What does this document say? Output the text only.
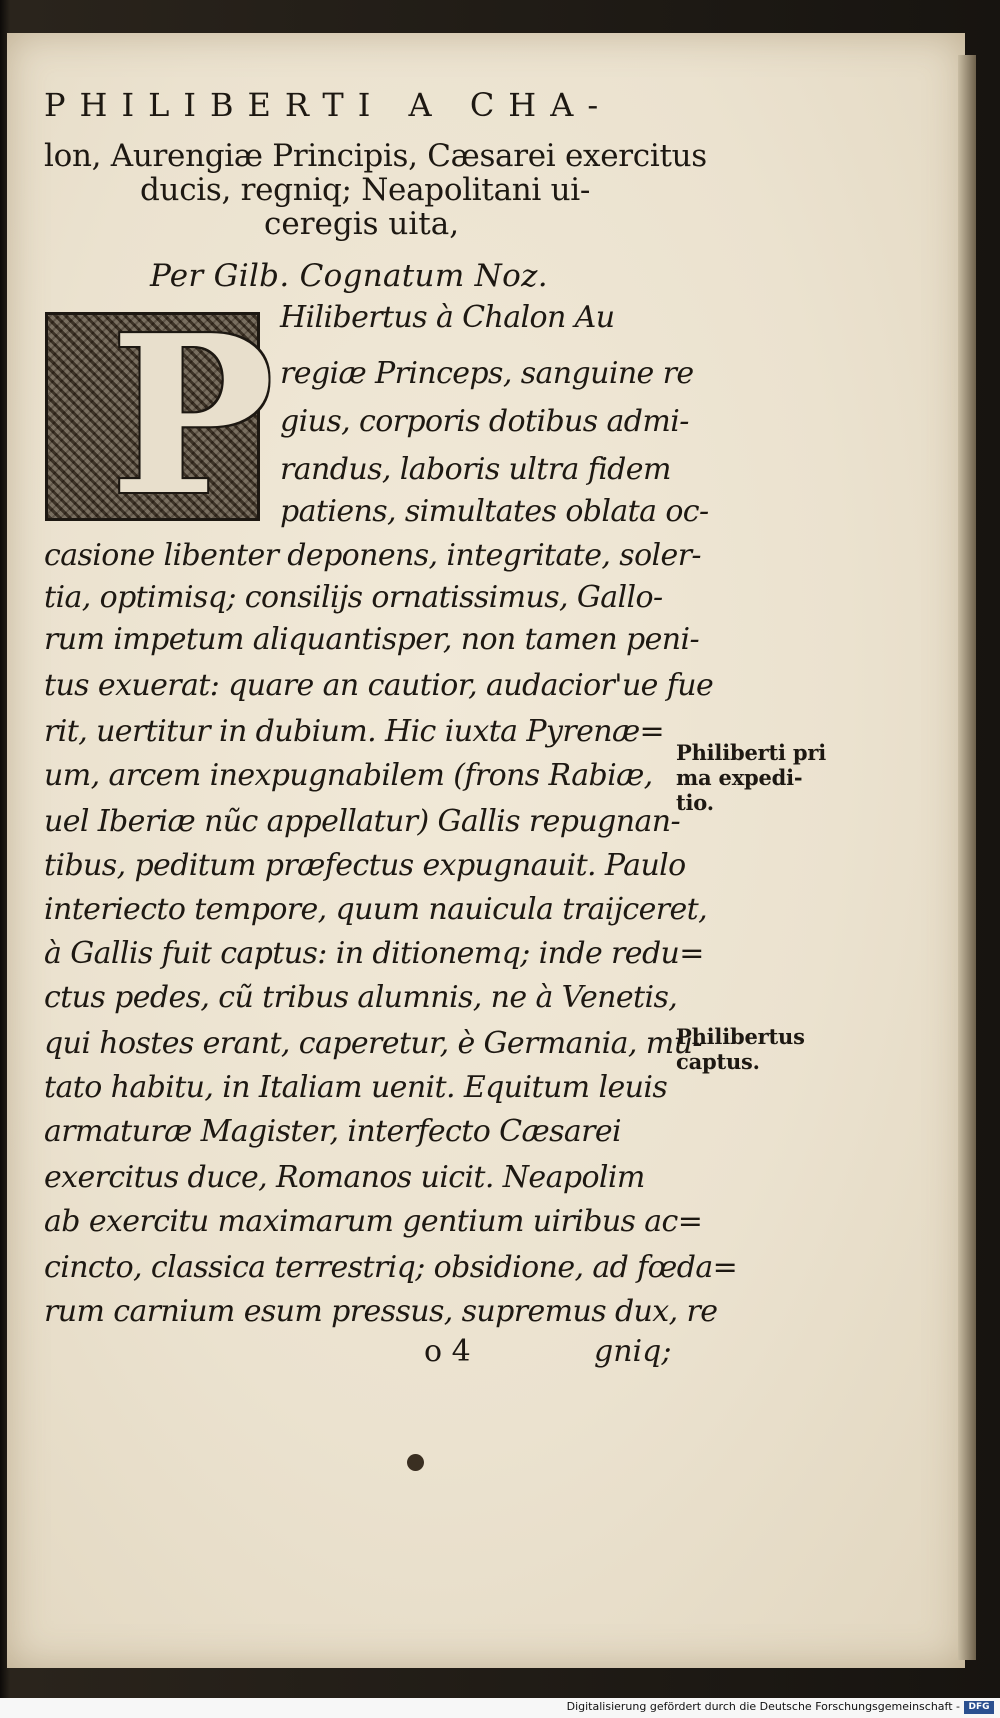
PHILIBERTI A CHA-
lon, Aurengiæ Principis, Cæsarei exercitus
ducis, regniq; Neapolitani ui-
ceregis uita,
Per Gilb. Cognatum Noz.
P Hilibertus à Chalon Au
regiæ Princeps, sanguine re
gius, corporis dotibus admi-
randus, laboris ultra fidem
patiens, simultates oblata oc-
casione libenter deponens, integritate, soler-
tia, optimisq; consilijs ornatissimus, Gallo-
rum impetum aliquantisper, non tamen peni-
tus exuerat: quare an cautior, audacior'ue fue
rit, uertitur in dubium. Hic iuxta Pyrenæ=
um, arcem inexpugnabilem (frons Rabiæ,
uel Iberiæ nũc appellatur) Gallis repugnan-
tibus, peditum præfectus expugnauit. Paulo
interiecto tempore, quum nauicula traijceret,
à Gallis fuit captus: in ditionemq; inde redu=
ctus pedes, cũ tribus alumnis, ne à Venetis,
qui hostes erant, caperetur, è Germania, mu-
tato habitu, in Italiam uenit. Equitum leuis
armaturæ Magister, interfecto Cæsarei
exercitus duce, Romanos uicit. Neapolim
ab exercitu maximarum gentium uiribus ac=
cincto, classica terrestriq; obsidione, ad fœda=
rum carnium esum pressus, supremus dux, re
o 4	gniq;
Philiberti pri
ma expedi-
tio.
Philibertus
captus.
Digitalisierung gefördert durch die Deutsche Forschungsgemeinschaft - DFG
